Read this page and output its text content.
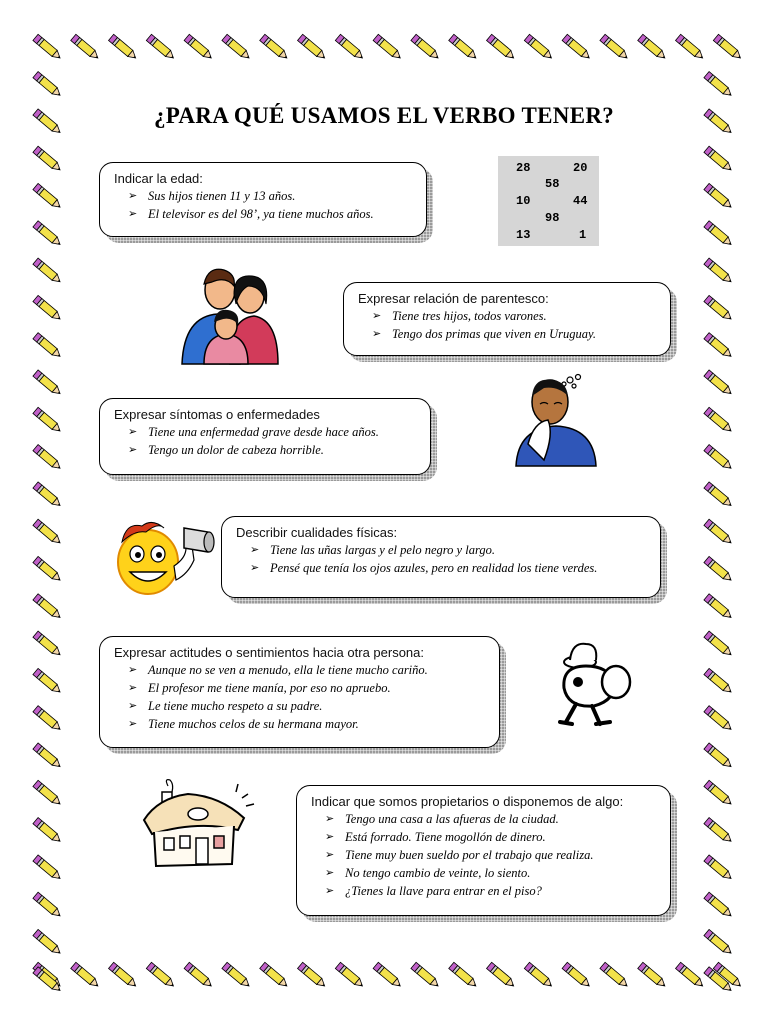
¿PARA QUÉ USAMOS EL VERBO TENER?
Indicar la edad:
➢ Sus hijos tienen 11 y 13 años.
➢ El televisor es del 98’, ya tiene muchos años.
28	20
58
10	44
98
13	1
Expresar relación de parentesco:
➢ Tiene tres hijos, todos varones.
➢ Tengo dos primas que viven en Uruguay.
Expresar síntomas o enfermedades
➢ Tiene una enfermedad grave desde hace años.
➢ Tengo un dolor de cabeza horrible.
Describir cualidades físicas:
➢ Tiene las uñas largas y el pelo negro y largo.
➢ Pensé que tenía los ojos azules, pero en realidad los tiene verdes.
Expresar actitudes o sentimientos hacia otra persona:
➢ Aunque no se ven a menudo, ella le tiene mucho cariño.
➢ El profesor me tiene manía, por eso no apruebo.
➢ Le tiene mucho respeto a su padre.
➢ Tiene muchos celos de su hermana mayor.
Indicar que somos propietarios o disponemos de algo:
➢ Tengo una casa a las afueras de la ciudad.
➢ Está forrado. Tiene mogollón de dinero.
➢ Tiene muy buen sueldo por el trabajo que realiza.
➢ No tengo cambio de veinte, lo siento.
➢ ¿Tienes la llave para entrar en el piso?
